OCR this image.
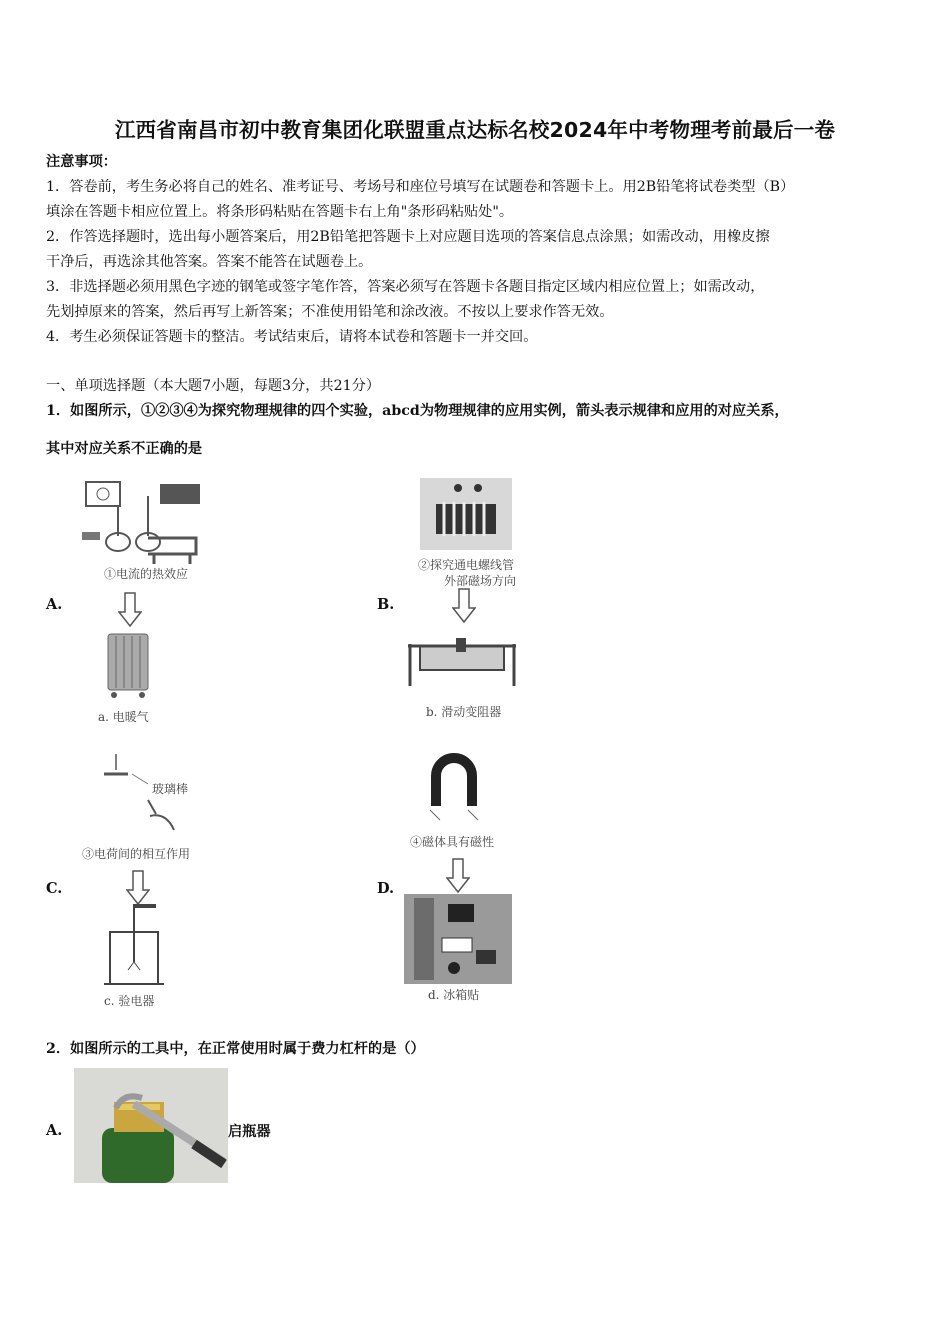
江西省南昌市初中教育集团化联盟重点达标名校2024年中考物理考前最后一卷
注意事项：
1．答卷前，考生务必将自己的姓名、准考证号、考场号和座位号填写在试题卷和答题卡上。用2B铅笔将试卷类型（B）
填涂在答题卡相应位置上。将条形码粘贴在答题卡右上角"条形码粘贴处"。
2．作答选择题时，选出每小题答案后，用2B铅笔把答题卡上对应题目选项的答案信息点涂黑；如需改动，用橡皮擦
干净后，再选涂其他答案。答案不能答在试题卷上。
3．非选择题必须用黑色字迹的钢笔或签字笔作答，答案必须写在答题卡各题目指定区域内相应位置上；如需改动，
先划掉原来的答案，然后再写上新答案；不准使用铅笔和涂改液。不按以上要求作答无效。
4．考生必须保证答题卡的整洁。考试结束后，请将本试卷和答题卡一并交回。
一、单项选择题（本大题7小题，每题3分，共21分）
1．如图所示，①②③④为探究物理规律的四个实验，abcd为物理规律的应用实例，箭头表示规律和应用的对应关系，
其中对应关系不正确的是
A.
①电流的热效应
a. 电暖气
B.
②探究通电螺线管
外部磁场方向
b. 滑动变阻器
玻璃棒
③电荷间的相互作用
C.
c. 验电器
④磁体具有磁性
D.
d. 冰箱贴
2．如图所示的工具中，在正常使用时属于费力杠杆的是（）
A.	启瓶器
